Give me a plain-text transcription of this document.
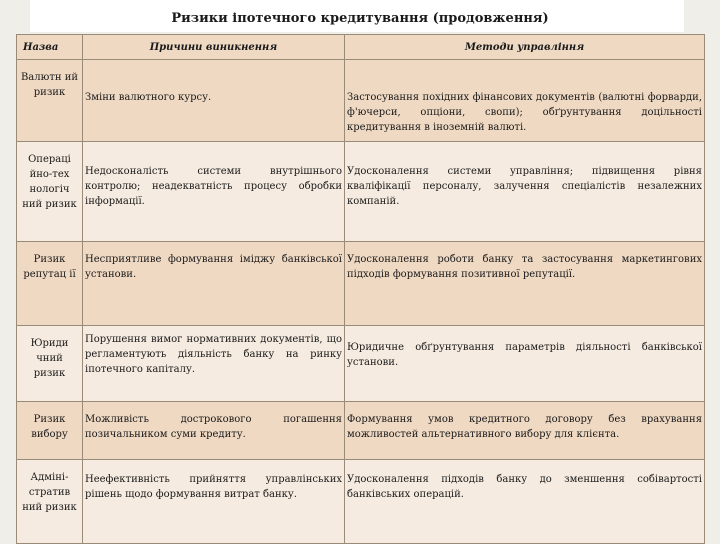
Ризики іпотечного кредитування (продовження)
Назва	Причини виникнення	Методи управління
Валютн ий ризик	Зміни валютного курсу.	Застосування похідних фінансових документів (валютні форварди, ф'ючерси, опціони, свопи); обґрунтування доцільності кредитування в іноземній валюті.
Операці йно-тех нологіч ний ризик	Недосконалість системи внутрішнього контролю; неадекватність процесу обробки інформації.	Удосконалення системи управління; підвищення рівня кваліфікації персоналу, залучення спеціалістів незалежних компаній.
Ризик репутац ії	Несприятливе формування іміджу банківської установи.	Удосконалення роботи банку та застосування маркетингових підходів формування позитивної репутації.
Юриди чний ризик	Порушення вимог нормативних документів, що регламентують діяльність банку на ринку іпотечного капіталу.	Юридичне обґрунтування параметрів діяльності банківської установи.
Ризик вибору	Можливість дострокового погашення позичальником суми кредиту.	Формування умов кредитного договору без врахування можливостей альтернативного вибору для клієнта.
Адміні- стратив ний ризик	Неефективність прийняття управлінських рішень щодо формування витрат банку.	Удосконалення підходів банку до зменшення собівартості банківських операцій.
